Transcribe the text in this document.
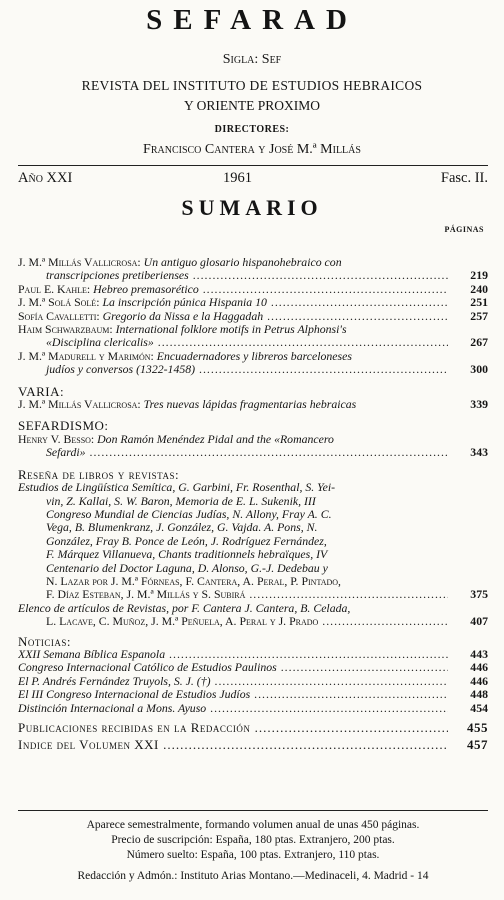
SEFARAD
Sigla: Sef
REVISTA DEL INSTITUTO DE ESTUDIOS HEBRAICOS
Y ORIENTE PROXIMO
DIRECTORES:
Francisco Cantera y José M.ª Millás
Año XXI	1961	Fasc. II.
SUMARIO
PÁGINAS
J. M.ª Millás Vallicrosa: Un antiguo glosario hispanohebraico con
transcripciones pretiberienses .....	219
Paul E. Kahle: Hebreo premasorético .....	240
J. M.ª Solá Solé: La inscripción púnica Hispania 10 .....	251
Sofía Cavalletti: Gregorio da Nissa e la Haggadah .....	257
Haim Schwarzbaum: International folklore motifs in Petrus Alphonsi's
«Disciplina clericalis» .....	267
J. M.ª Madurell y Marimón: Encuadernadores y libreros barceloneses
judíos y conversos (1322-1458) .....	300
VARIA:
J. M.ª Millás Vallicrosa: Tres nuevas lápidas fragmentarias hebraicas	339
SEFARDISMO:
Henry V. Besso: Don Ramón Menéndez Pidal and the «Romancero
Sefardi» .....	343
Reseña de libros y revistas:
Estudios de Lingüística Semítica, G. Garbini, Fr. Rosenthal, S. Yei-
vin, Z. Kallai, S. W. Baron, Memoria de E. L. Sukenik, III
Congreso Mundial de Ciencias Judías, N. Allony, Fray A. C.
Vega, B. Blumenkranz, J. González, G. Vajda. A. Pons, N.
González, Fray B. Ponce de León, J. Rodríguez Fernández,
F. Márquez Villanueva, Chants traditionnels hebraïques, IV
Centenario del Doctor Laguna, D. Alonso, G.-J. Dedebau y
N. Lazar por J. M.ª Fórneas, F. Cantera, A. Peral, P. Pintado,
F. Díaz Esteban, J. M.ª Millás y S. Subirá .....	375
Elenco de artículos de Revistas, por F. Cantera J. Cantera, B. Celada,
L. Lacave, C. Muñoz, J. M.ª Peñuela, A. Peral y J. Prado .....	407
Noticias:
XXII Semana Bíblica Espanola .....	443
Congreso Internacional Católico de Estudios Paulinos .....	446
El P. Andrés Fernández Truyols, S. J. (†) .....	446
El III Congreso Internacional de Estudios Judíos .....	448
Distinción Internacional a Mons. Ayuso .....	454
Publicaciones recibidas en la Redacción .....	455
Indice del Volumen XXI .....	457
Aparece semestralmente, formando volumen anual de unas 450 páginas.
Precio de suscripción: España, 180 ptas. Extranjero, 200 ptas.
Número suelto: España, 100 ptas. Extranjero, 110 ptas.
Redacción y Admón.: Instituto Arias Montano.—Medinaceli, 4. Madrid - 14
